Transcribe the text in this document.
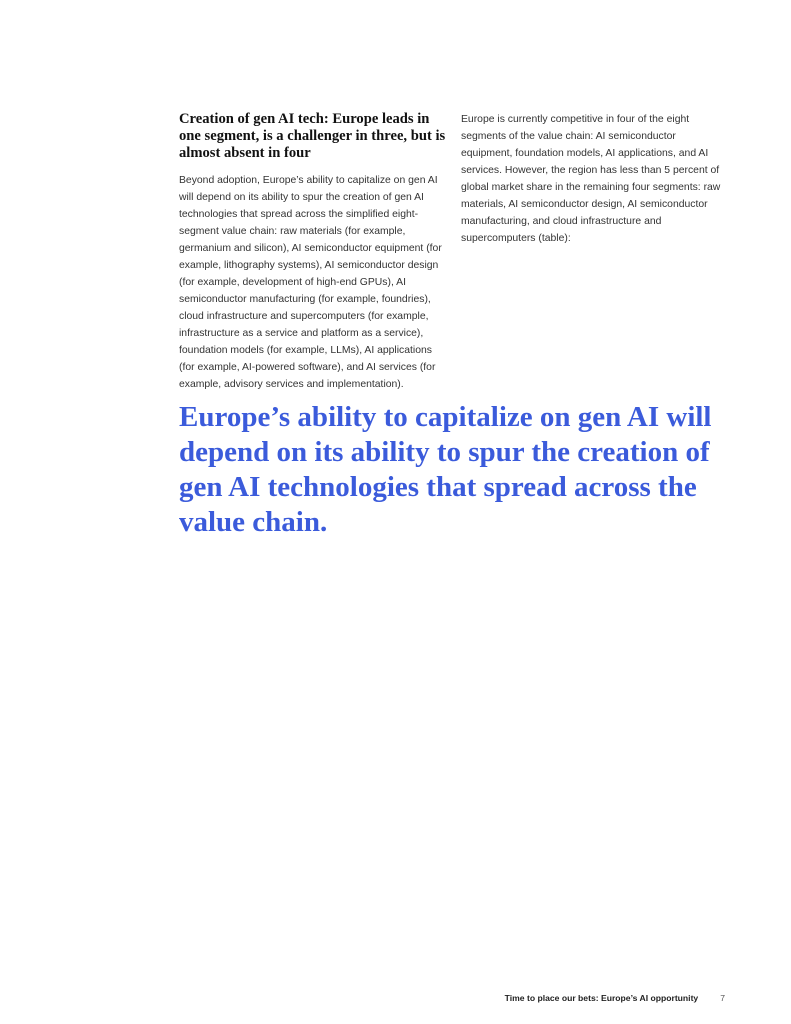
Creation of gen AI tech: Europe leads in one segment, is a challenger in three, but is almost absent in four

Beyond adoption, Europe’s ability to capitalize on gen AI will depend on its ability to spur the creation of gen AI technologies that spread across the simplified eight-segment value chain: raw materials (for example, germanium and silicon), AI semiconductor equipment (for example, lithography systems), AI semiconductor design (for example, development of high-end GPUs), AI semiconductor manufacturing (for example, foundries), cloud infrastructure and supercomputers (for example, infrastructure as a service and platform as a service), foundation models (for example, LLMs), AI applications (for example, AI-powered software), and AI services (for example, advisory services and implementation).

Europe is currently competitive in four of the eight segments of the value chain: AI semiconductor equipment, foundation models, AI applications, and AI services. However, the region has less than 5 percent of global market share in the remaining four segments: raw materials, AI semiconductor design, AI semiconductor manufacturing, and cloud infrastructure and supercomputers (table):

Europe’s ability to capitalize on gen AI will depend on its ability to spur the creation of gen AI technologies that spread across the value chain.

Time to place our bets: Europe’s AI opportunity	7
